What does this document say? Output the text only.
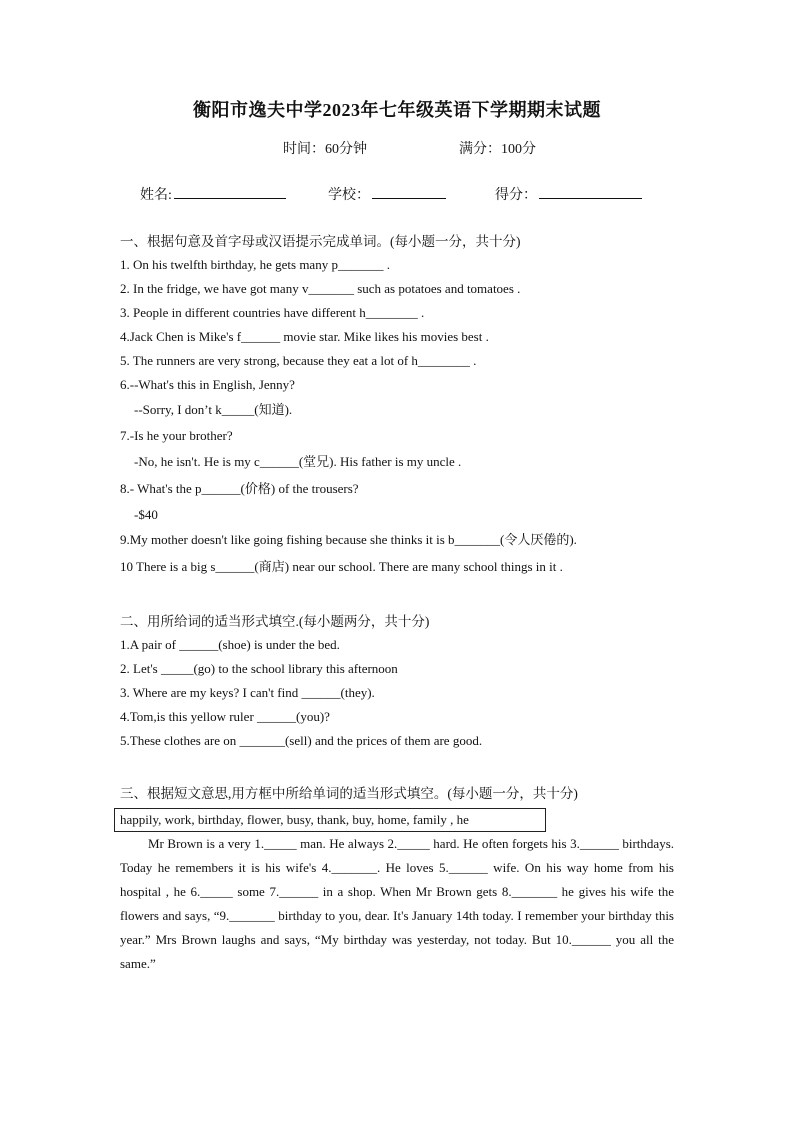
衡阳市逸夫中学2023年七年级英语下学期期末试题
时间：60分钟	满分：100分
姓名:	学校：	得分：
一、根据句意及首字母或汉语提示完成单词。(每小题一分，共十分)
1. On his twelfth birthday, he gets many p_______ .
2. In the fridge, we have got many v_______ such as potatoes and tomatoes .
3. People in different countries have different h________ .
4.Jack Chen is Mike's f______ movie star. Mike likes his movies best .
5. The runners are very strong, because they eat a lot of h________ .
6.--What's this in English, Jenny?
--Sorry, I don’t k_____(知道).
7.-Is he your brother?
-No, he isn't. He is my c______(堂兄). His father is my uncle .
8.- What's the p______(价格) of the trousers?
-$40
9.My mother doesn't like going fishing because she thinks it is b_______(令人厌倦的).
10 There is a big s______(商店) near our school. There are many school things in it .
二、用所给词的适当形式填空.(每小题两分，共十分)
1.A pair of ______(shoe) is under the bed.
2. Let's _____(go) to the school library this afternoon
3. Where are my keys? I can't find ______(they).
4.Tom,is this yellow ruler ______(you)?
5.These clothes are on _______(sell) and the prices of them are good.
三、根据短文意思,用方框中所给单词的适当形式填空。(每小题一分，共十分)
happily, work, birthday, flower, busy, thank, buy, home, family , he

Mr Brown is a very 1._____ man. He always 2._____ hard. He often forgets his 3.______ birthdays. Today he remembers it is his wife's 4._______. He loves 5.______ wife. On his way home from his hospital , he 6._____ some 7.______ in a shop. When Mr Brown gets 8._______ he gives his wife the flowers and says, “9._______ birthday to you, dear. It's January 14th today. I remember your birthday this year.” Mrs Brown laughs and says, “My birthday was yesterday, not today. But 10.______ you all the same.”
